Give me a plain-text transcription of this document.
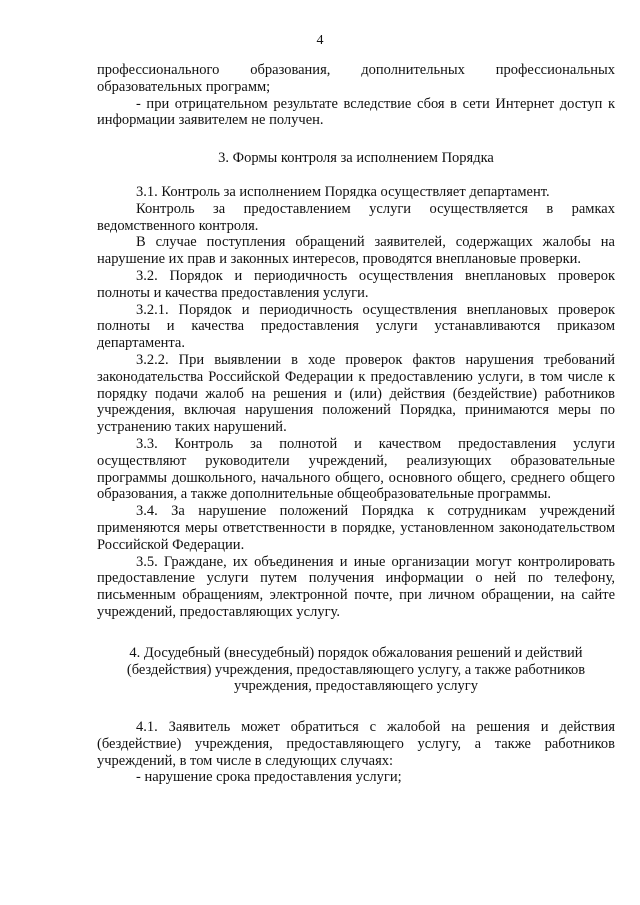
4

профессионального образования, дополнительных профессиональных

образовательных программ;

- при отрицательном результате вследствие сбоя в сети Интернет доступ к информации заявителем не получен.

3. Формы контроля за исполнением Порядка

3.1. Контроль за исполнением Порядка осуществляет департамент.

Контроль за предоставлением услуги осуществляется в рамках ведомственного контроля.

В случае поступления обращений заявителей, содержащих жалобы на нарушение их прав и законных интересов, проводятся внеплановые проверки.

3.2. Порядок и периодичность осуществления внеплановых проверок полноты и качества предоставления услуги.

3.2.1. Порядок и периодичность осуществления внеплановых проверок полноты и качества предоставления услуги устанавливаются приказом департамента.

3.2.2. При выявлении в ходе проверок фактов нарушения требований законодательства Российской Федерации к предоставлению услуги, в том числе к порядку подачи жалоб на решения и (или) действия (бездействие) работников учреждения, включая нарушения положений Порядка, принимаются меры по устранению таких нарушений.

3.3. Контроль за полнотой и качеством предоставления услуги осуществляют руководители учреждений, реализующих образовательные программы дошкольного, начального общего, основного общего, среднего общего образования, а также дополнительные общеобразовательные программы.

3.4. За нарушение положений Порядка к сотрудникам учреждений применяются меры ответственности в порядке, установленном законодательством Российской Федерации.

3.5. Граждане, их объединения и иные организации могут контролировать предоставление услуги путем получения информации о ней по телефону, письменным обращениям, электронной почте, при личном обращении, на сайте учреждений, предоставляющих услугу.

4. Досудебный (внесудебный) порядок обжалования решений и действий

(бездействия) учреждения, предоставляющего услугу, а также работников

учреждения, предоставляющего услугу

4.1. Заявитель может обратиться с жалобой на решения и действия (бездействие) учреждения, предоставляющего услугу, а также работников учреждений, в том числе в следующих случаях:

- нарушение срока предоставления услуги;
